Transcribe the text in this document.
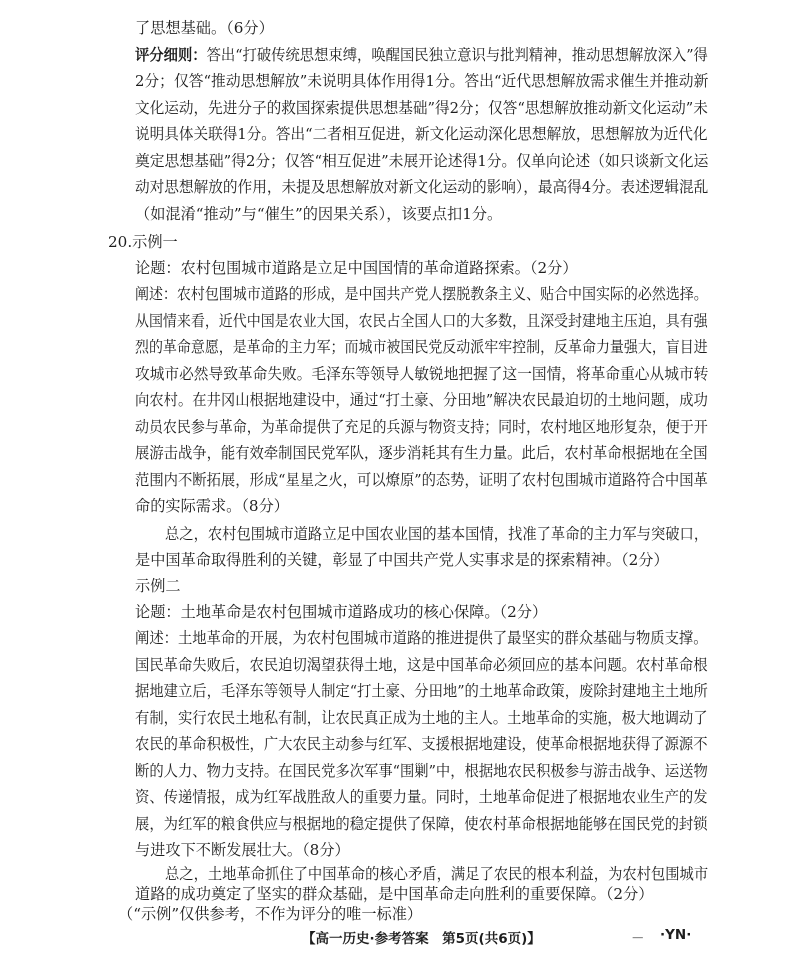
了思想基础。（6分）
评分细则：答出“打破传统思想束缚，唤醒国民独立意识与批判精神，推动思想解放深入”得
2分；仅答“推动思想解放”未说明具体作用得1分。答出“近代思想解放需求催生并推动新
文化运动，先进分子的救国探索提供思想基础”得2分；仅答“思想解放推动新文化运动”未
说明具体关联得1分。答出“二者相互促进，新文化运动深化思想解放，思想解放为近代化
奠定思想基础”得2分；仅答“相互促进”未展开论述得1分。仅单向论述（如只谈新文化运
动对思想解放的作用，未提及思想解放对新文化运动的影响），最高得4分。表述逻辑混乱
（如混淆“推动”与“催生”的因果关系），该要点扣1分。
20.示例一
论题：农村包围城市道路是立足中国国情的革命道路探索。（2分）
阐述：农村包围城市道路的形成，是中国共产党人摆脱教条主义、贴合中国实际的必然选择。
从国情来看，近代中国是农业大国，农民占全国人口的大多数，且深受封建地主压迫，具有强
烈的革命意愿，是革命的主力军；而城市被国民党反动派牢牢控制，反革命力量强大，盲目进
攻城市必然导致革命失败。毛泽东等领导人敏锐地把握了这一国情，将革命重心从城市转
向农村。在井冈山根据地建设中，通过“打土豪、分田地”解决农民最迫切的土地问题，成功
动员农民参与革命，为革命提供了充足的兵源与物资支持；同时，农村地区地形复杂，便于开
展游击战争，能有效牵制国民党军队，逐步消耗其有生力量。此后，农村革命根据地在全国
范围内不断拓展，形成“星星之火，可以燎原”的态势，证明了农村包围城市道路符合中国革
命的实际需求。（8分）
总之，农村包围城市道路立足中国农业国的基本国情，找准了革命的主力军与突破口，
是中国革命取得胜利的关键，彰显了中国共产党人实事求是的探索精神。（2分）
示例二
论题：土地革命是农村包围城市道路成功的核心保障。（2分）
阐述：土地革命的开展，为农村包围城市道路的推进提供了最坚实的群众基础与物质支撑。
国民革命失败后，农民迫切渴望获得土地，这是中国革命必须回应的基本问题。农村革命根
据地建立后，毛泽东等领导人制定“打土豪、分田地”的土地革命政策，废除封建地主土地所
有制，实行农民土地私有制，让农民真正成为土地的主人。土地革命的实施，极大地调动了
农民的革命积极性，广大农民主动参与红军、支援根据地建设，使革命根据地获得了源源不
断的人力、物力支持。在国民党多次军事“围剿”中，根据地农民积极参与游击战争、运送物
资、传递情报，成为红军战胜敌人的重要力量。同时，土地革命促进了根据地农业生产的发
展，为红军的粮食供应与根据地的稳定提供了保障，使农村革命根据地能够在国民党的封锁
与进攻下不断发展壮大。（8分）
总之，土地革命抓住了中国革命的核心矛盾，满足了农民的根本利益，为农村包围城市
道路的成功奠定了坚实的群众基础，是中国革命走向胜利的重要保障。（2分）
（“示例”仅供参考，不作为评分的唯一标准）
【高一历史·参考答案　第5页(共6页)】	－ ·YN·
